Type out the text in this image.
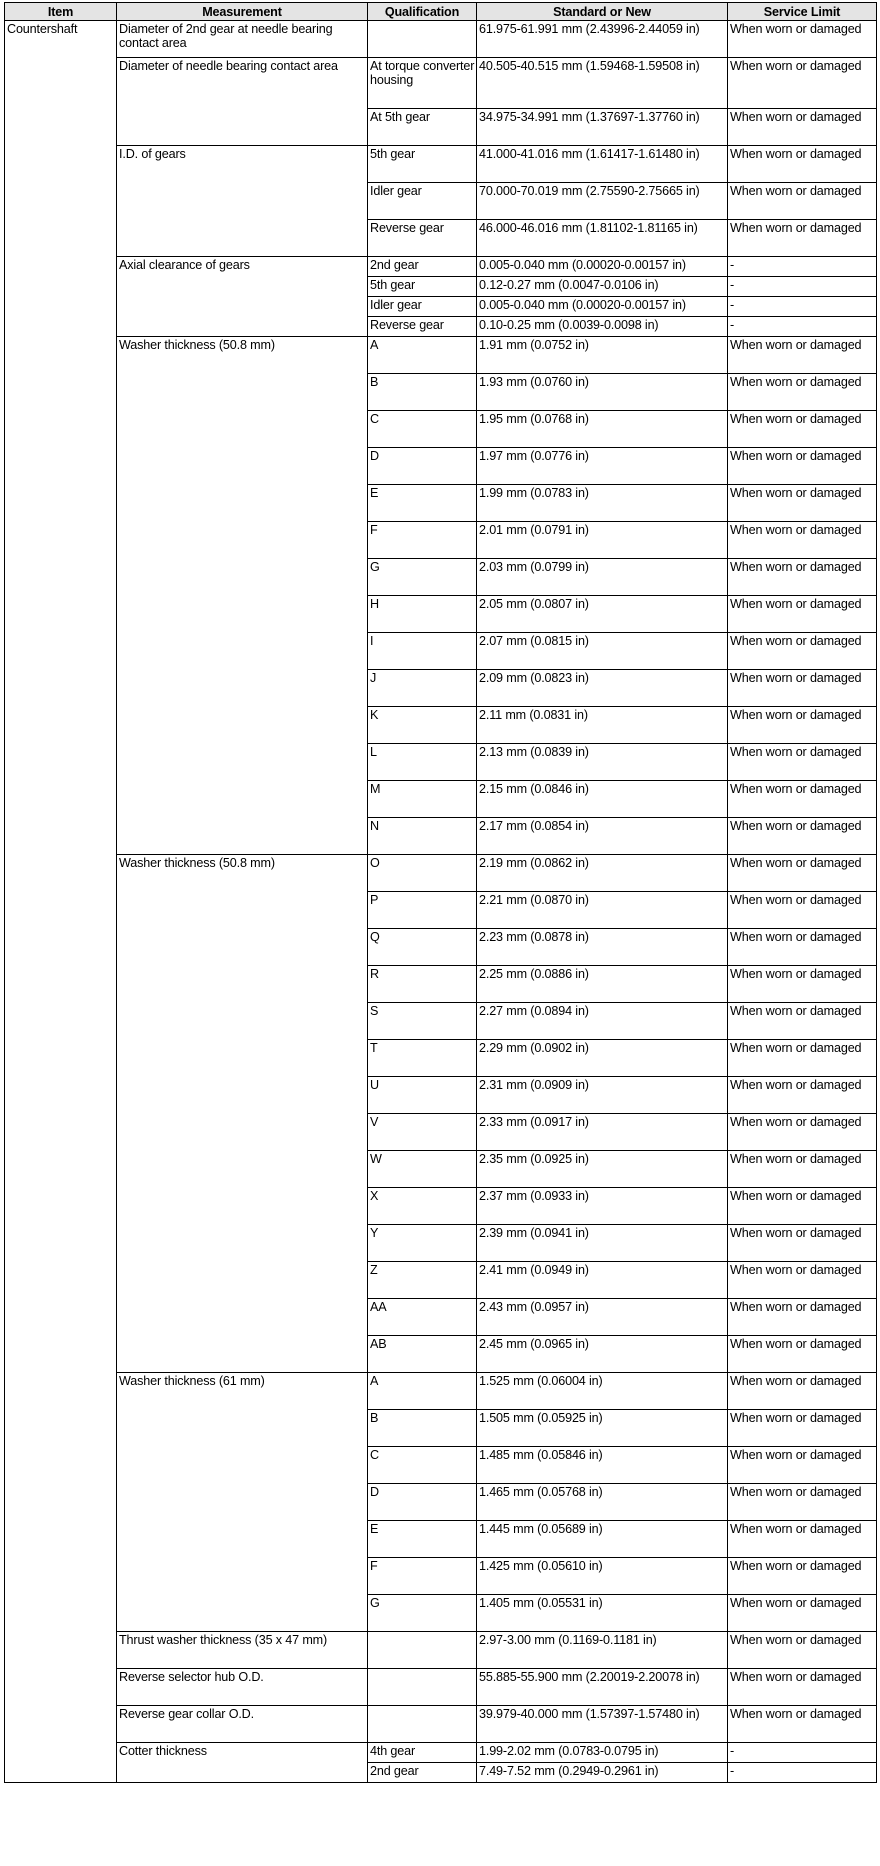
Item	Measurement	Qualification	Standard or New	Service Limit
Countershaft	Diameter of 2nd gear at needle bearing contact area		61.975-61.991 mm (2.43996-2.44059 in)	When worn or damaged
	Diameter of needle bearing contact area	At torque converter housing	40.505-40.515 mm (1.59468-1.59508 in)	When worn or damaged
		At 5th gear	34.975-34.991 mm (1.37697-1.37760 in)	When worn or damaged
	I.D. of gears	5th gear	41.000-41.016 mm (1.61417-1.61480 in)	When worn or damaged
		Idler gear	70.000-70.019 mm (2.75590-2.75665 in)	When worn or damaged
		Reverse gear	46.000-46.016 mm (1.81102-1.81165 in)	When worn or damaged
	Axial clearance of gears	2nd gear	0.005-0.040 mm (0.00020-0.00157 in)	-
		5th gear	0.12-0.27 mm (0.0047-0.0106 in)	-
		Idler gear	0.005-0.040 mm (0.00020-0.00157 in)	-
		Reverse gear	0.10-0.25 mm (0.0039-0.0098 in)	-
	Washer thickness (50.8 mm)	A	1.91 mm (0.0752 in)	When worn or damaged
		B	1.93 mm (0.0760 in)	When worn or damaged
		C	1.95 mm (0.0768 in)	When worn or damaged
		D	1.97 mm (0.0776 in)	When worn or damaged
		E	1.99 mm (0.0783 in)	When worn or damaged
		F	2.01 mm (0.0791 in)	When worn or damaged
		G	2.03 mm (0.0799 in)	When worn or damaged
		H	2.05 mm (0.0807 in)	When worn or damaged
		I	2.07 mm (0.0815 in)	When worn or damaged
		J	2.09 mm (0.0823 in)	When worn or damaged
		K	2.11 mm (0.0831 in)	When worn or damaged
		L	2.13 mm (0.0839 in)	When worn or damaged
		M	2.15 mm (0.0846 in)	When worn or damaged
		N	2.17 mm (0.0854 in)	When worn or damaged
	Washer thickness (50.8 mm)	O	2.19 mm (0.0862 in)	When worn or damaged
		P	2.21 mm (0.0870 in)	When worn or damaged
		Q	2.23 mm (0.0878 in)	When worn or damaged
		R	2.25 mm (0.0886 in)	When worn or damaged
		S	2.27 mm (0.0894 in)	When worn or damaged
		T	2.29 mm (0.0902 in)	When worn or damaged
		U	2.31 mm (0.0909 in)	When worn or damaged
		V	2.33 mm (0.0917 in)	When worn or damaged
		W	2.35 mm (0.0925 in)	When worn or damaged
		X	2.37 mm (0.0933 in)	When worn or damaged
		Y	2.39 mm (0.0941 in)	When worn or damaged
		Z	2.41 mm (0.0949 in)	When worn or damaged
		AA	2.43 mm (0.0957 in)	When worn or damaged
		AB	2.45 mm (0.0965 in)	When worn or damaged
	Washer thickness (61 mm)	A	1.525 mm (0.06004 in)	When worn or damaged
		B	1.505 mm (0.05925 in)	When worn or damaged
		C	1.485 mm (0.05846 in)	When worn or damaged
		D	1.465 mm (0.05768 in)	When worn or damaged
		E	1.445 mm (0.05689 in)	When worn or damaged
		F	1.425 mm (0.05610 in)	When worn or damaged
		G	1.405 mm (0.05531 in)	When worn or damaged
	Thrust washer thickness (35 x 47 mm)		2.97-3.00 mm (0.1169-0.1181 in)	When worn or damaged
	Reverse selector hub O.D.		55.885-55.900 mm (2.20019-2.20078 in)	When worn or damaged
	Reverse gear collar O.D.		39.979-40.000 mm (1.57397-1.57480 in)	When worn or damaged
	Cotter thickness	4th gear	1.99-2.02 mm (0.0783-0.0795 in)	-
		2nd gear	7.49-7.52 mm (0.2949-0.2961 in)	-
